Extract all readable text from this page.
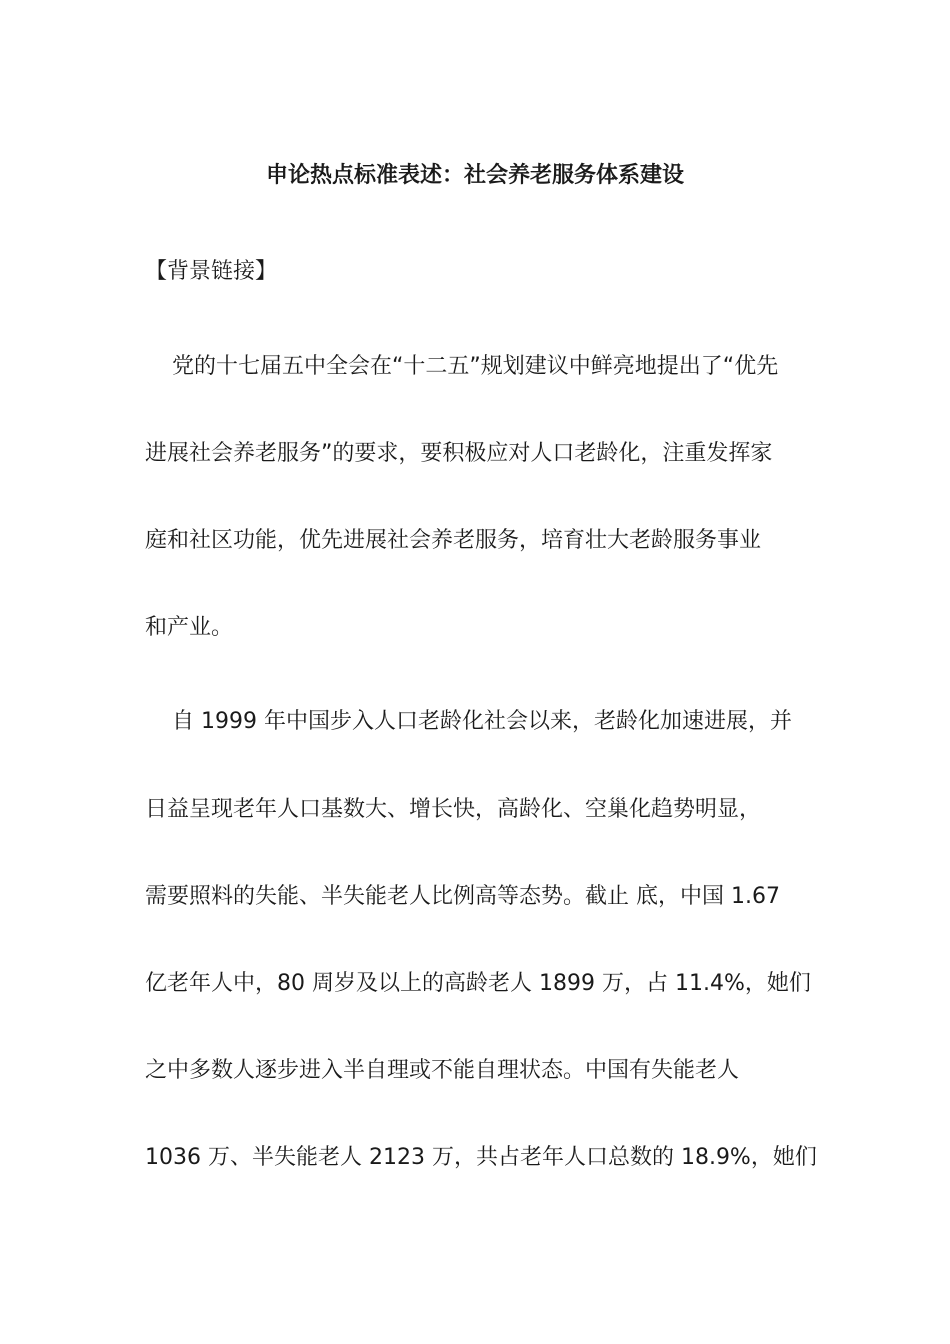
申论热点标准表述：社会养老服务体系建设
【背景链接】
党的十七届五中全会在“十二五”规划建议中鲜亮地提出了“优先
进展社会养老服务”的要求，要积极应对人口老龄化，注重发挥家
庭和社区功能，优先进展社会养老服务，培育壮大老龄服务事业
和产业。
自 1999 年中国步入人口老龄化社会以来，老龄化加速进展，并
日益呈现老年人口基数大、增长快，高龄化、空巢化趋势明显，
需要照料的失能、半失能老人比例高等态势。截止 底，中国 1.67
亿老年人中，80 周岁及以上的高龄老人 1899 万，占 11.4%，她们
之中多数人逐步进入半自理或不能自理状态。中国有失能老人
1036 万、半失能老人 2123 万，共占老年人口总数的 18.9%，她们
